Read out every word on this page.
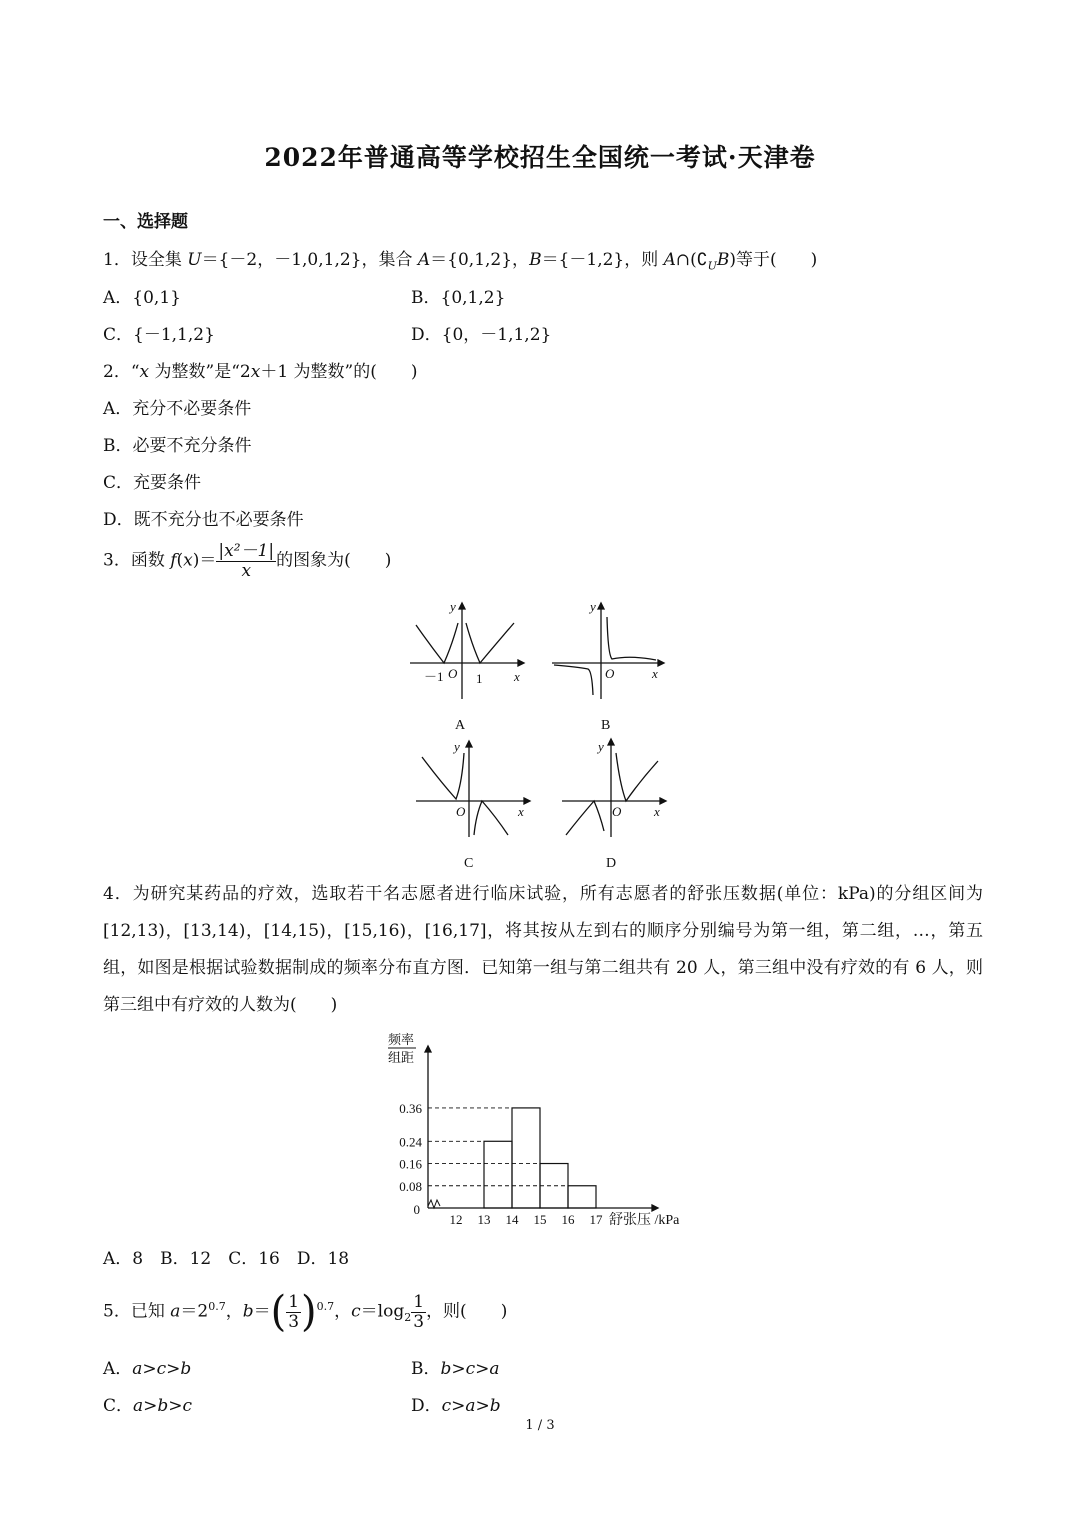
2022年普通高等学校招生全国统一考试·天津卷
一、选择题
1．设全集 U＝{－2，－1,0,1,2}，集合 A＝{0,1,2}，B＝{－1,2}，则 $A\cap(∁_UB)$等于(　　)
A．{0,1}	B．{0,1,2}
C．{－1,1,2}	D．{0，－1,1,2}
2．“x 为整数”是“2x＋1 为整数”的(　　)
A．充分不必要条件
B．必要不充分条件
C．充要条件
D．既不充分也不必要条件
3．函数 $f(x)= \frac{\text{|x²－1|}}{x}$ 的图象为(　　)
－1 O 1 x
y
A
O	x
y
B
O	x
y
C
O	x
y
D
4．为研究某药品的疗效，选取若干名志愿者进行临床试验，所有志愿者的舒张压数据(单位：kPa)的分组区间为[12,13)，[13,14)，[14,15)，[15,16)，[16,17]，将其按从左到右的顺序分别编号为第一组，第二组，…，第五组，如图是根据试验数据制成的频率分布直方图．已知第一组与第二组共有 20 人，第三组中没有疗效的有 6 人，则第三组中有疗效的人数为(　　)
频率
组距
0.36
0.24
0.16
0.08
0
12 13 14 15 16 17 舒张压 /kPa
A．8　B．12　C．16　D．18
5．已知 $a=2^{0.7}$，$b=( \frac{1}{3} )^{0.7}$，$c=\log_2 \frac{1}{3}$ ，则(　　)
A．a>c>b	B．b>c>a
C．a>b>c	D．c>a>b
1 / 3
